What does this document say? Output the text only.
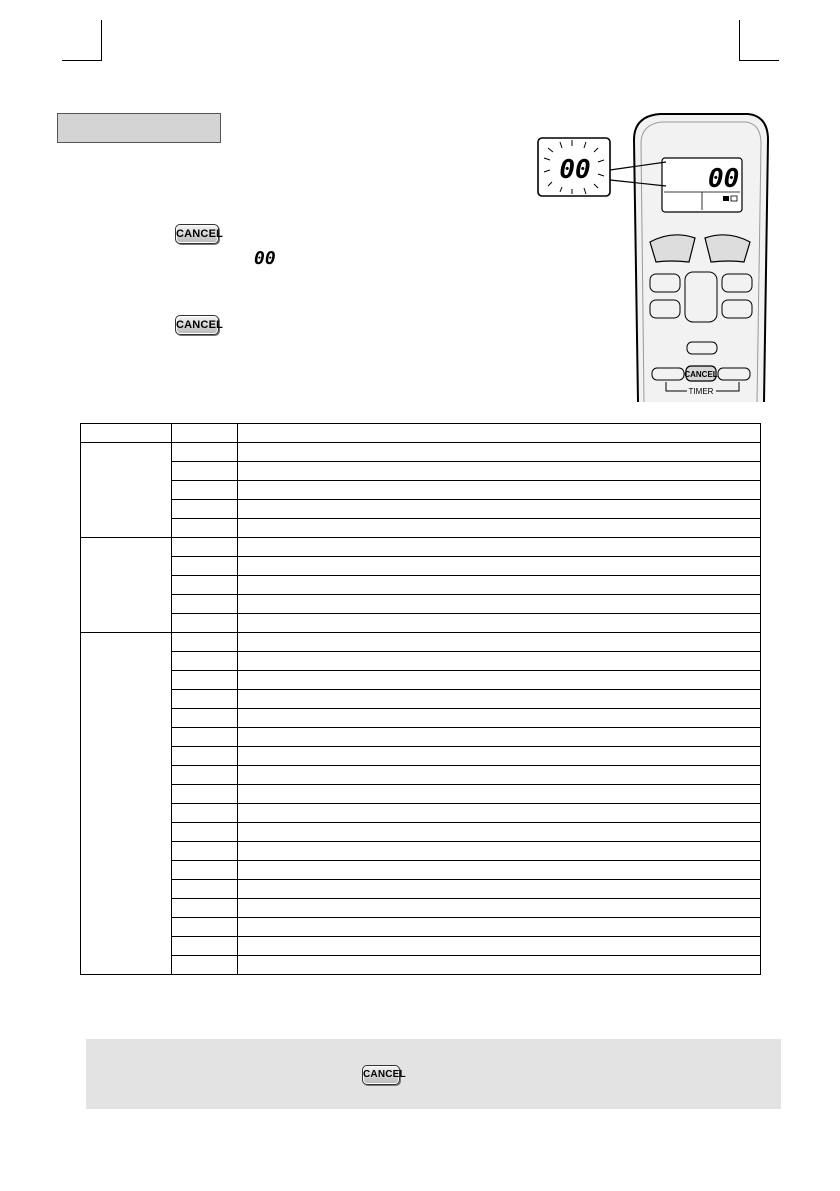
CANCEL
00
CANCEL
00
CANCEL
TIMER
00

CANCEL
